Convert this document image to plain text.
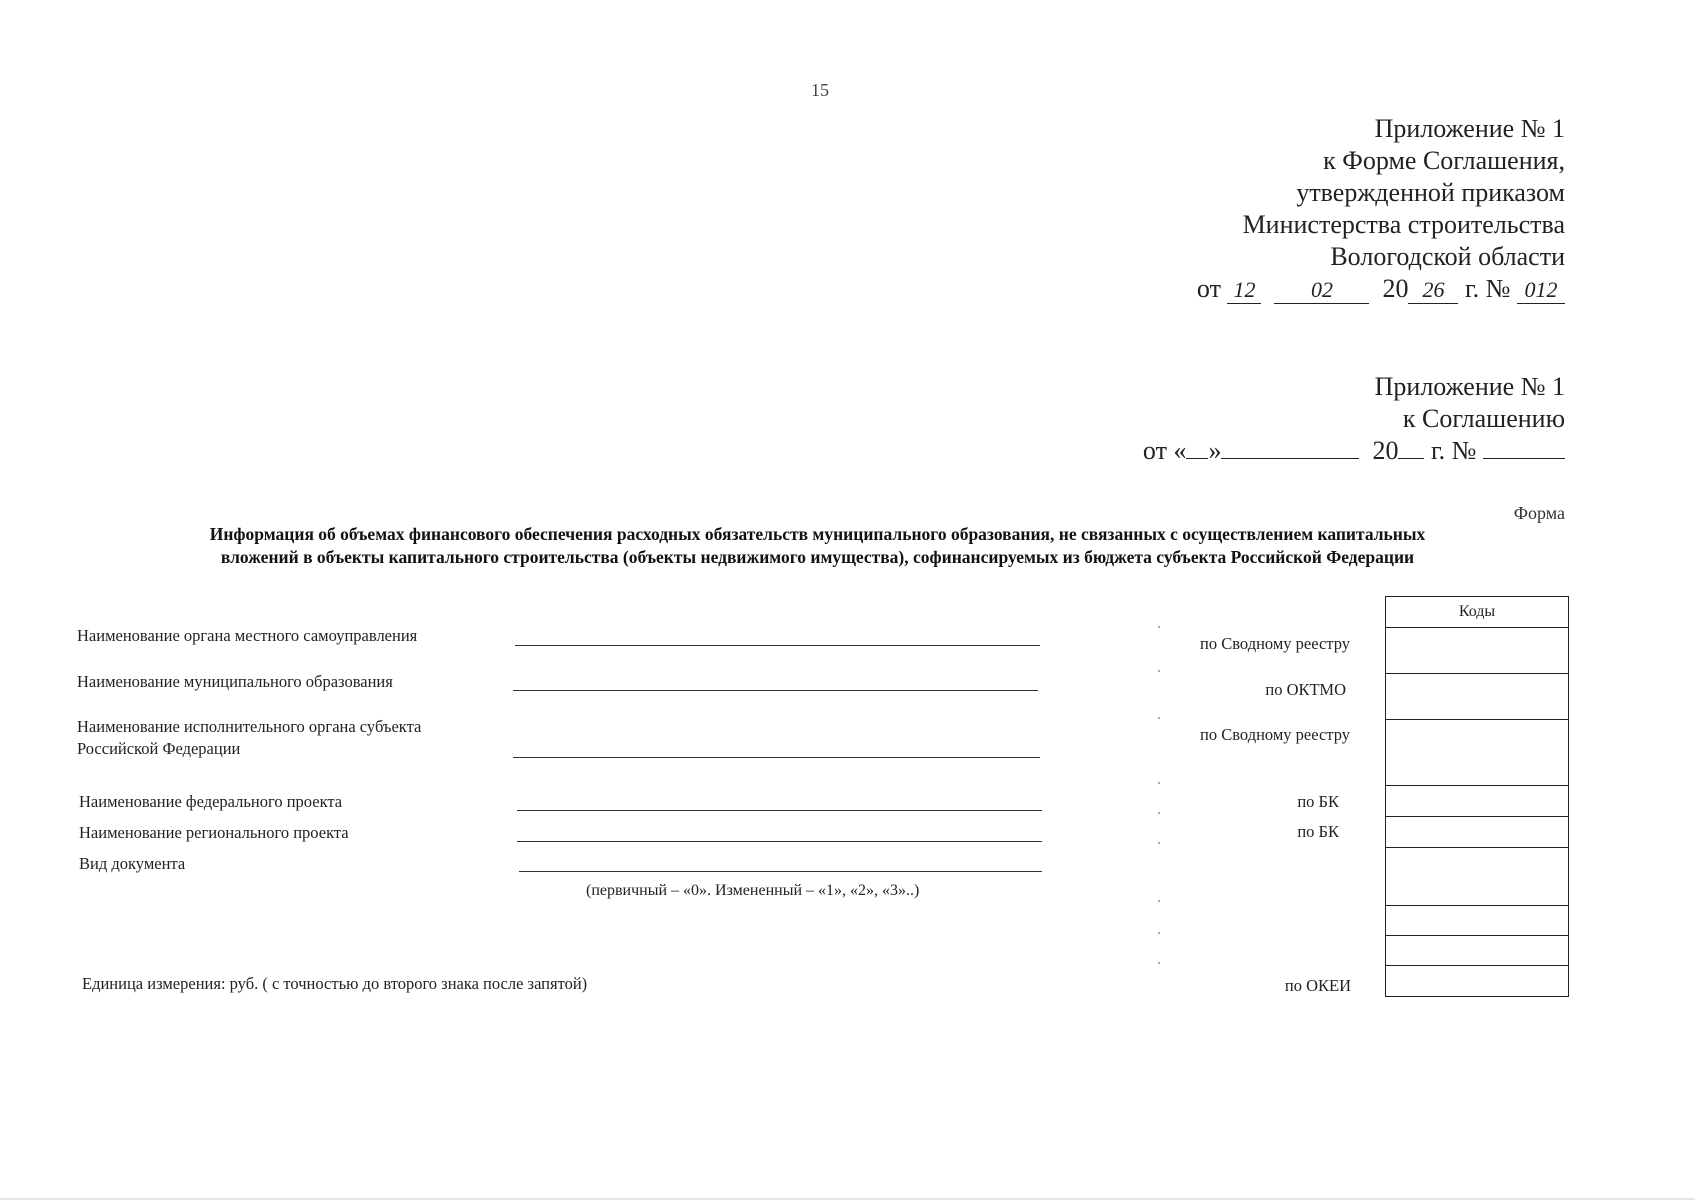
15
Приложение № 1
к Форме Соглашения,
утвержденной приказом
Министерства строительства
Вологодской области
от 12	02 20 26 г. № 012
Приложение № 1
к Соглашению
от « »	20 г. №
Форма
Информация об объемах финансового обеспечения расходных обязательств муниципального образования, не связанных с осуществлением капитальных
вложений в объекты капитального строительства (объекты недвижимого имущества), софинансируемых из бюджета субъекта Российской Федерации
Наименование органа местного самоуправления
Наименование муниципального образования
Наименование исполнительного органа субъекта
Российской Федерации
Наименование федерального проекта
Наименование регионального проекта
Вид документа
(первичный – «0». Измененный – «1», «2», «3»..)
Единица измерения: руб. ( с точностью до второго знака после запятой)
по Сводному реестру
по ОКТМО
по Сводному реестру
по БК
по БК
по ОКЕИ
Коды
